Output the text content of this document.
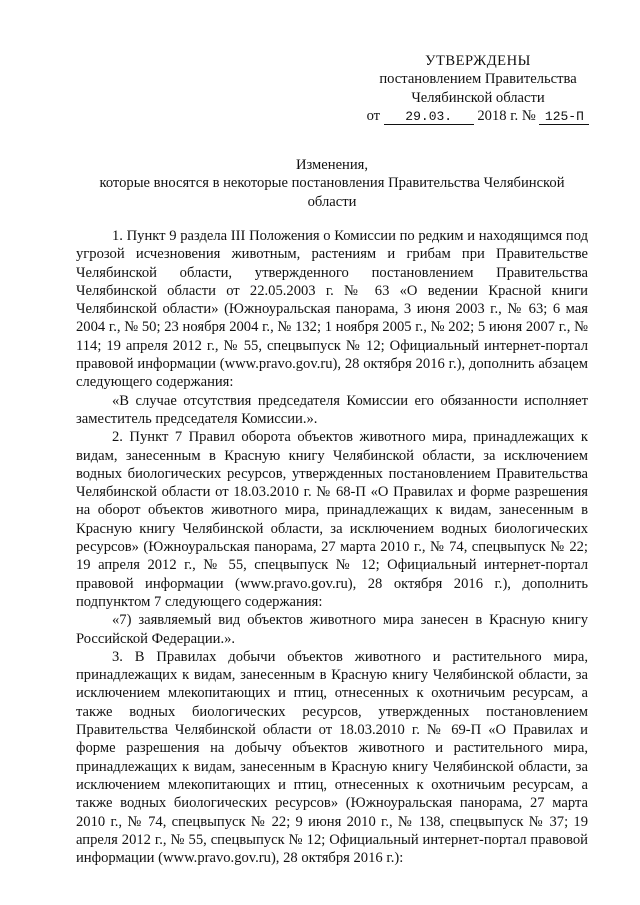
УТВЕРЖДЕНЫ
постановлением Правительства
Челябинской области
от 29.03. 2018 г. № 125-П
Изменения,
которые вносятся в некоторые постановления Правительства Челябинской области

1. Пункт 9 раздела III Положения о Комиссии по редким и находящимся под угрозой исчезновения животным, растениям и грибам при Правительстве Челябинской области, утвержденного постановлением Правительства Челябинской области от 22.05.2003 г. № 63 «О ведении Красной книги Челябинской области» (Южноуральская панорама, 3 июня 2003 г., № 63; 6 мая 2004 г., № 50; 23 ноября 2004 г., № 132; 1 ноября 2005 г., № 202; 5 июня 2007 г., № 114; 19 апреля 2012 г., № 55, спецвыпуск № 12; Официальный интернет-портал правовой информации (www.pravo.gov.ru), 28 октября 2016 г.), дополнить абзацем следующего содержания:

«В случае отсутствия председателя Комиссии его обязанности исполняет заместитель председателя Комиссии.».

2. Пункт 7 Правил оборота объектов животного мира, принадлежащих к видам, занесенным в Красную книгу Челябинской области, за исключением водных биологических ресурсов, утвержденных постановлением Правительства Челябинской области от 18.03.2010 г. № 68-П «О Правилах и форме разрешения на оборот объектов животного мира, принадлежащих к видам, занесенным в Красную книгу Челябинской области, за исключением водных биологических ресурсов» (Южноуральская панорама, 27 марта 2010 г., № 74, спецвыпуск № 22; 19 апреля 2012 г., № 55, спецвыпуск № 12; Официальный интернет-портал правовой информации (www.pravo.gov.ru), 28 октября 2016 г.), дополнить подпунктом 7 следующего содержания:

«7) заявляемый вид объектов животного мира занесен в Красную книгу Российской Федерации.».

3. В Правилах добычи объектов животного и растительного мира, принадлежащих к видам, занесенным в Красную книгу Челябинской области, за исключением млекопитающих и птиц, отнесенных к охотничьим ресурсам, а также водных биологических ресурсов, утвержденных постановлением Правительства Челябинской области от 18.03.2010 г. № 69-П «О Правилах и форме разрешения на добычу объектов животного и растительного мира, принадлежащих к видам, занесенным в Красную книгу Челябинской области, за исключением млекопитающих и птиц, отнесенных к охотничьим ресурсам, а также водных биологических ресурсов» (Южноуральская панорама, 27 марта 2010 г., № 74, спецвыпуск № 22; 9 июня 2010 г., № 138, спецвыпуск № 37; 19 апреля 2012 г., № 55, спецвыпуск № 12; Официальный интернет-портал правовой информации (www.pravo.gov.ru), 28 октября 2016 г.):
